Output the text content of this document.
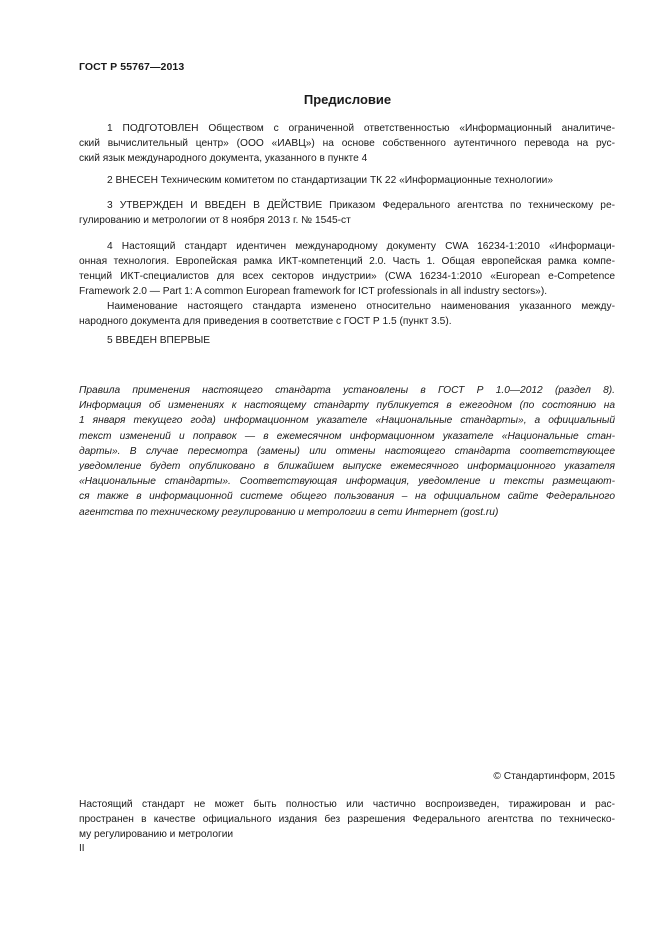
ГОСТ Р 55767—2013
Предисловие
1 ПОДГОТОВЛЕН Обществом с ограниченной ответственностью «Информационный аналитиче-
ский вычислительный центр» (ООО «ИАВЦ») на основе собственного аутентичного перевода на рус-
ский язык международного документа, указанного в пункте 4
2 ВНЕСЕН Техническим комитетом по стандартизации ТК 22 «Информационные технологии»
3 УТВЕРЖДЕН И ВВЕДЕН В ДЕЙСТВИЕ Приказом Федерального агентства по техническому ре-
гулированию и метрологии от 8 ноября 2013 г. № 1545-ст
4 Настоящий стандарт идентичен международному документу CWA 16234-1:2010 «Информаци-
онная технология. Европейская рамка ИКТ-компетенций 2.0. Часть 1. Общая европейская рамка компе-
тенций ИКТ-специалистов для всех секторов индустрии» (CWA 16234-1:2010 «European e-Competence
Framework 2.0 — Part 1: A common European framework for ICT professionals in all industry sectors»).
Наименование настоящего стандарта изменено относительно наименования указанного между-
народного документа для приведения в соответствие с ГОСТ Р 1.5 (пункт 3.5).
5 ВВЕДЕН ВПЕРВЫЕ
Правила применения настоящего стандарта установлены в ГОСТ Р 1.0—2012 (раздел 8).
Информация об изменениях к настоящему стандарту публикуется в ежегодном (по состоянию на
1 января текущего года) информационном указателе «Национальные стандарты», а официальный
текст изменений и поправок — в ежемесячном информационном указателе «Национальные стан-
дарты». В случае пересмотра (замены) или отмены настоящего стандарта соответствующее
уведомление будет опубликовано в ближайшем выпуске ежемесячного информационного указателя
«Национальные стандарты». Соответствующая информация, уведомление и тексты размещают-
ся также в информационной системе общего пользования – на официальном сайте Федерального
агентства по техническому регулированию и метрологии в сети Интернет (gost.ru)
© Стандартинформ, 2015
Настоящий стандарт не может быть полностью или частично воспроизведен, тиражирован и рас-
пространен в качестве официального издания без разрешения Федерального агентства по техническо-
му регулированию и метрологии
II
